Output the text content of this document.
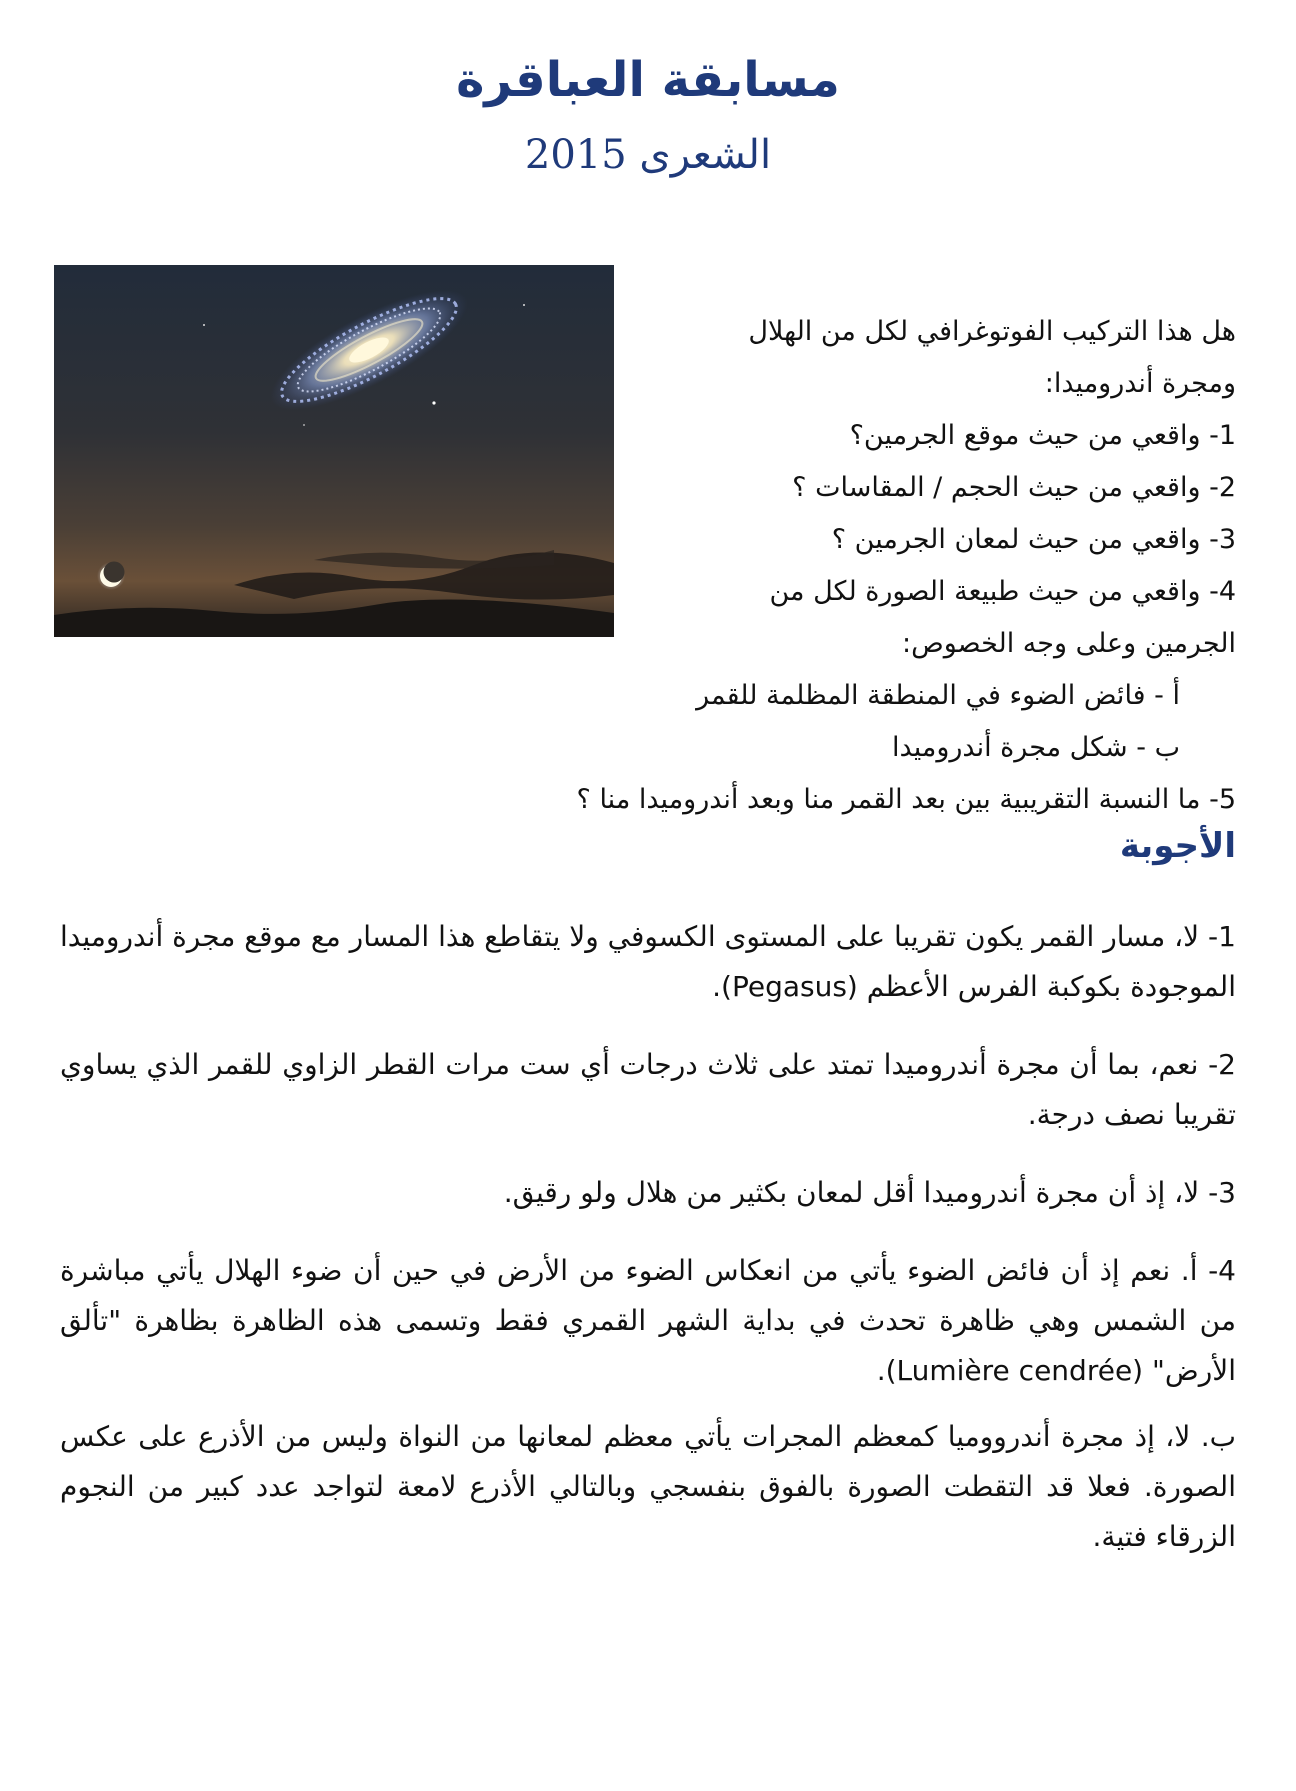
مسابقة العباقرة
الشعرى 2015

هل هذا التركيب الفوتوغرافي لكل من الهلال

ومجرة أندروميدا:

1- واقعي من حيث موقع الجرمين؟

2- واقعي من حيث الحجم / المقاسات ؟

3- واقعي من حيث لمعان الجرمين ؟

4- واقعي من حيث طبيعة الصورة لكل من

الجرمين وعلى وجه الخصوص:

أ - فائض الضوء في المنطقة المظلمة للقمر

ب - شكل مجرة أندروميدا

5- ما النسبة التقريبية بين بعد القمر منا وبعد أندروميدا منا ؟

الأجوبة

1- لا، مسار القمر يكون تقريبا على المستوى الكسوفي ولا يتقاطع هذا المسار مع موقع مجرة أندروميدا الموجودة بكوكبة الفرس الأعظم (Pegasus).

2- نعم، بما أن مجرة أندروميدا تمتد على ثلاث درجات أي ست مرات القطر الزاوي للقمر الذي يساوي تقريبا نصف درجة.

3- لا، إذ أن مجرة أندروميدا أقل لمعان بكثير من هلال ولو رقيق.

4- أ. نعم إذ أن فائض الضوء يأتي من انعكاس الضوء من الأرض في حين أن ضوء الهلال يأتي مباشرة من الشمس وهي ظاهرة تحدث في بداية الشهر القمري فقط وتسمى هذه الظاهرة بظاهرة "تألق الأرض" (Lumière cendrée).

ب. لا، إذ مجرة أندرووميا كمعظم المجرات يأتي معظم لمعانها من النواة وليس من الأذرع على عكس الصورة. فعلا قد التقطت الصورة بالفوق بنفسجي وبالتالي الأذرع لامعة لتواجد عدد كبير من النجوم الزرقاء فتية.
